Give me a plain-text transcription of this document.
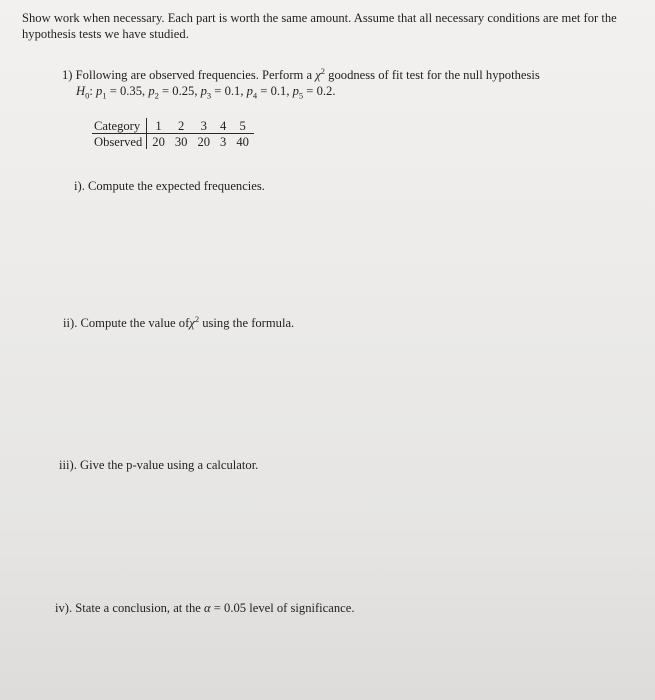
Show work when necessary. Each part is worth the same amount. Assume that all necessary conditions are met for the hypothesis tests we have studied.
1) Following are observed frequencies. Perform a $\chi^2$ goodness of fit test for the null hypothesis
$H_0$: $p_1 = 0.35$, $p_2 = 0.25$, $p_3 = 0.1$, $p_4 = 0.1$, $p_5 = 0.2$.
Category	1	2	3	4	5
Observed	20	30	20	3	40
i). Compute the expected frequencies.
ii). Compute the value ofχ$^2$ using the formula.
iii). Give the p-value using a calculator.
iv). State a conclusion, at the α = 0.05 level of significance.
